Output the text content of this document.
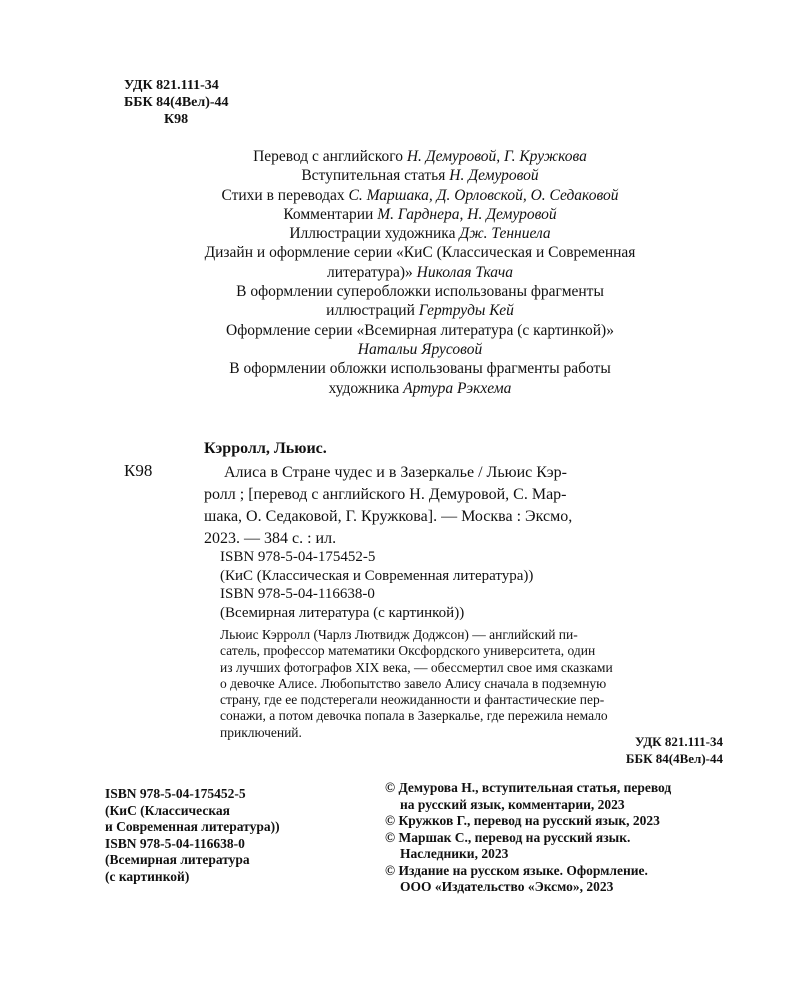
УДК 821.111-34
ББК 84(4Вел)-44
К98
Перевод с английского Н. Демуровой, Г. Кружкова
Вступительная статья Н. Демуровой
Стихи в переводах С. Маршака, Д. Орловской, О. Седаковой
Комментарии М. Гарднера, Н. Демуровой
Иллюстрации художника Дж. Тенниела
Дизайн и оформление серии «КиС (Классическая и Современная
литература)» Николая Ткача
В оформлении суперобложки использованы фрагменты
иллюстраций Гертруды Кей
Оформление серии «Всемирная литература (с картинкой)»
Натальи Ярусовой
В оформлении обложки использованы фрагменты работы
художника Артура Рэкхема
Кэрролл, Льюис.
К98	Алиса в Стране чудес и в Зазеркалье / Льюис Кэр-
ролл ; [перевод с английского Н. Демуровой, С. Мар-
шака, О. Седаковой, Г. Кружкова]. — Москва : Эксмо,
2023. — 384 с. : ил.
ISBN 978-5-04-175452-5
(КиС (Классическая и Современная литература))
ISBN 978-5-04-116638-0
(Всемирная литература (с картинкой))
Льюис Кэрролл (Чарлз Лютвидж Доджсон) — английский пи-
сатель, профессор математики Оксфордского университета, один
из лучших фотографов XIX века, — обессмертил свое имя сказками
о девочке Алисе. Любопытство завело Алису сначала в подземную
страну, где ее подстерегали неожиданности и фантастические пер-
сонажи, а потом девочка попала в Зазеркалье, где пережила немало
приключений.
УДК 821.111-34
ББК 84(4Вел)-44
ISBN 978-5-04-175452-5
(КиС (Классическая
и Современная литература))
ISBN 978-5-04-116638-0
(Всемирная литература
(с картинкой)
© Демурова Н., вступительная статья, перевод
на русский язык, комментарии, 2023
© Кружков Г., перевод на русский язык, 2023
© Маршак С., перевод на русский язык.
Наследники, 2023
© Издание на русском языке. Оформление.
ООО «Издательство «Эксмо», 2023
